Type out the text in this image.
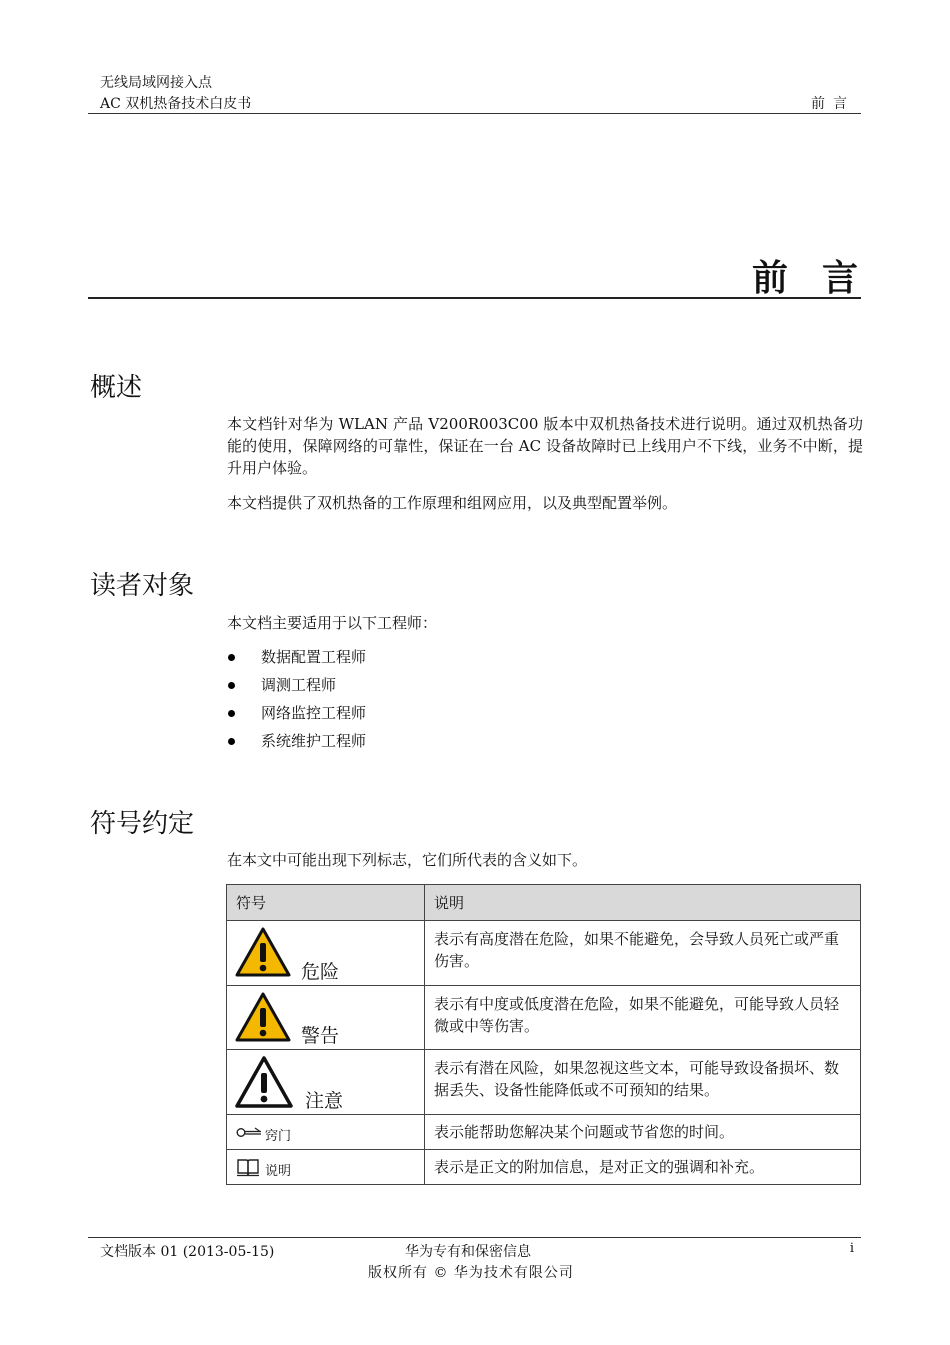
无线局域网接入点
AC 双机热备技术白皮书	前言
前言
概述
本文档针对华为 WLAN 产品 V200R003C00 版本中双机热备技术进行说明。通过双机热备功能的使用，保障网络的可靠性，保证在一台 AC 设备故障时已上线用户不下线，业务不中断，提升用户体验。
本文档提供了双机热备的工作原理和组网应用，以及典型配置举例。
读者对象
本文档主要适用于以下工程师：
数据配置工程师
调测工程师
网络监控工程师
系统维护工程师
符号约定
在本文中可能出现下列标志，它们所代表的含义如下。
符号	说明

危险	表示有高度潜在危险，如果不能避免，会导致人员死亡或严重伤害。

警告	表示有中度或低度潜在危险，如果不能避免，可能导致人员轻微或中等伤害。

注意	表示有潜在风险，如果忽视这些文本，可能导致设备损坏、数据丢失、设备性能降低或不可预知的结果。

窍门	表示能帮助您解决某个问题或节省您的时间。

说明	表示是正文的附加信息，是对正文的强调和补充。
文档版本 01 (2013-05-15)	华为专有和保密信息	i
版权所有 © 华为技术有限公司
